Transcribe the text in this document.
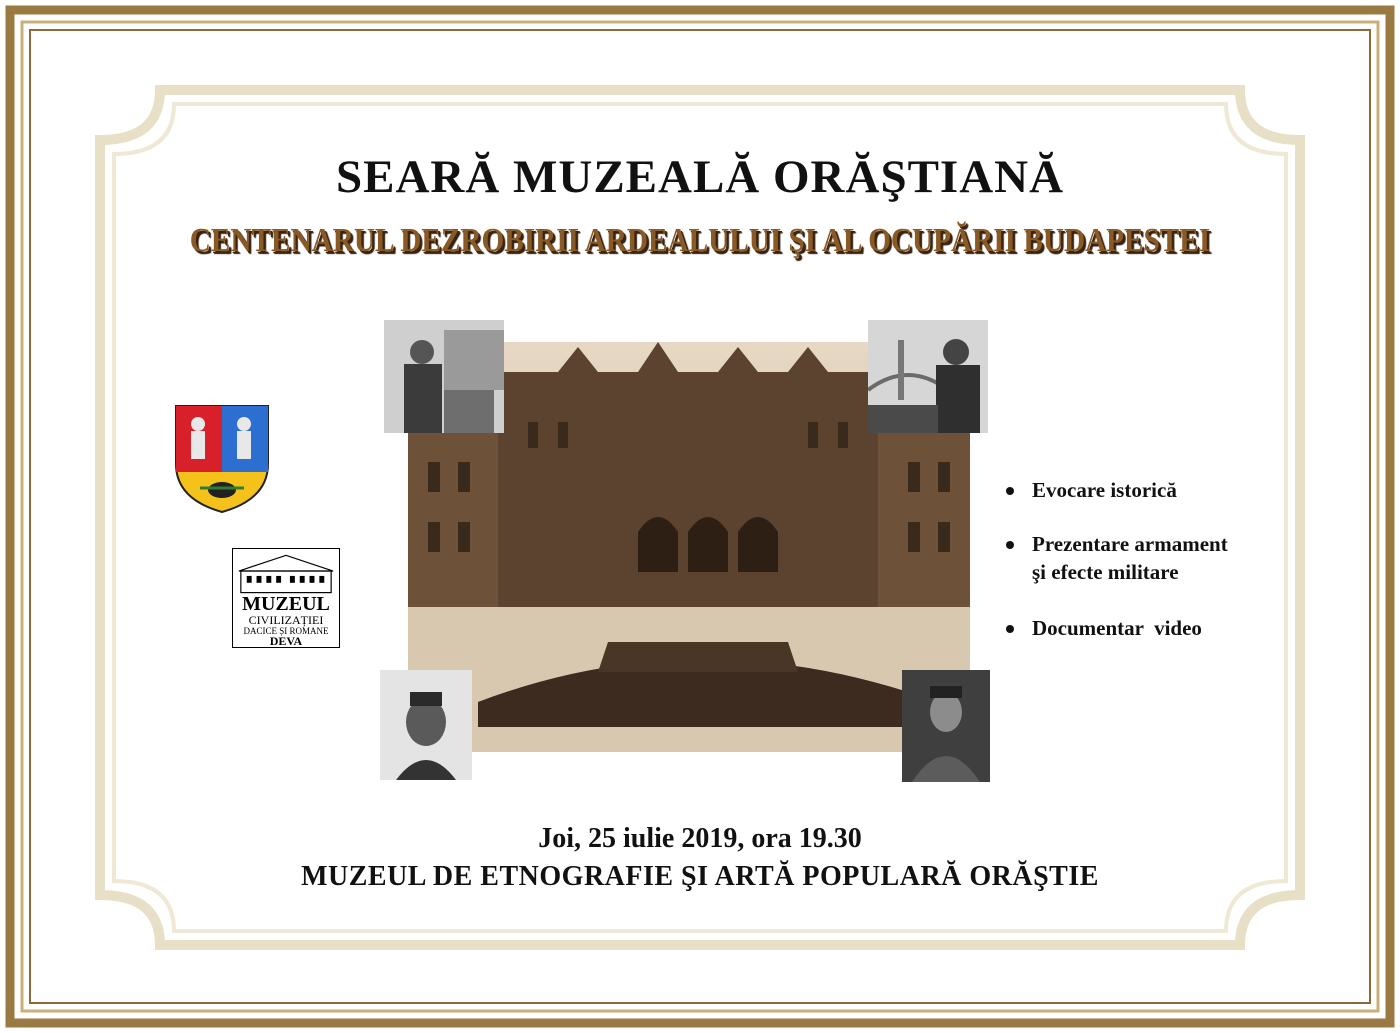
SEARĂ MUZEALĂ ORĂŞTIANĂ
CENTENARUL DEZROBIRII ARDEALULUI ŞI AL OCUPĂRII BUDAPESTEI
MUZEUL
CIVILIZAȚIEI
DACICE ȘI ROMANE
DEVA
Evocare istorică
Prezentare armament
şi efecte militare
Documentar  video
Joi, 25 iulie 2019, ora 19.30
MUZEUL DE ETNOGRAFIE ŞI ARTĂ POPULARĂ ORĂŞTIE
